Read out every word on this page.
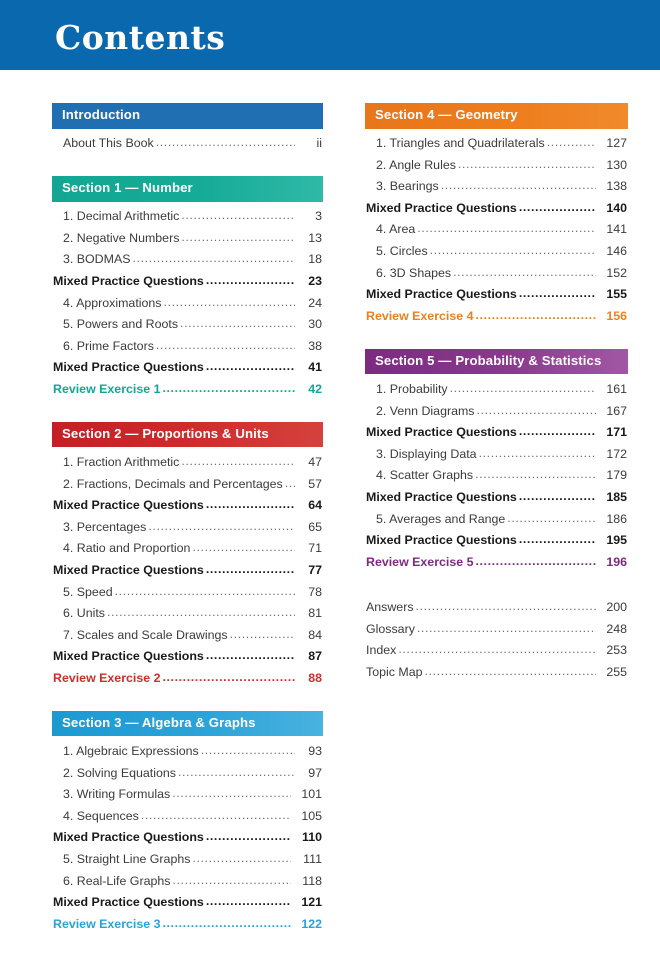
Contents
Introduction
About This Book .....	ii
Section 1 — Number
1. Decimal Arithmetic .....	3
2. Negative Numbers .....	13
3. BODMAS .....	18
Mixed Practice Questions .....	23
4. Approximations .....	24
5. Powers and Roots .....	30
6. Prime Factors .....	38
Mixed Practice Questions .....	41
Review Exercise 1 .....	42
Section 2 — Proportions & Units
1. Fraction Arithmetic .....	47
2. Fractions, Decimals and Percentages .....	57
Mixed Practice Questions .....	64
3. Percentages .....	65
4. Ratio and Proportion .....	71
Mixed Practice Questions .....	77
5. Speed .....	78
6. Units .....	81
7. Scales and Scale Drawings .....	84
Mixed Practice Questions .....	87
Review Exercise 2 .....	88
Section 3 — Algebra & Graphs
1. Algebraic Expressions .....	93
2. Solving Equations .....	97
3. Writing Formulas .....	101
4. Sequences .....	105
Mixed Practice Questions .....	110
5. Straight Line Graphs .....	111
6. Real-Life Graphs .....	118
Mixed Practice Questions .....	121
Review Exercise 3 .....	122
Section 4 — Geometry
1. Triangles and Quadrilaterals .....	127
2. Angle Rules .....	130
3. Bearings .....	138
Mixed Practice Questions .....	140
4. Area .....	141
5. Circles .....	146
6. 3D Shapes .....	152
Mixed Practice Questions .....	155
Review Exercise 4 .....	156
Section 5 — Probability & Statistics
1. Probability .....	161
2. Venn Diagrams .....	167
Mixed Practice Questions .....	171
3. Displaying Data .....	172
4. Scatter Graphs .....	179
Mixed Practice Questions .....	185
5. Averages and Range .....	186
Mixed Practice Questions .....	195
Review Exercise 5 .....	196
Answers .....	200
Glossary .....	248
Index .....	253
Topic Map .....	255
